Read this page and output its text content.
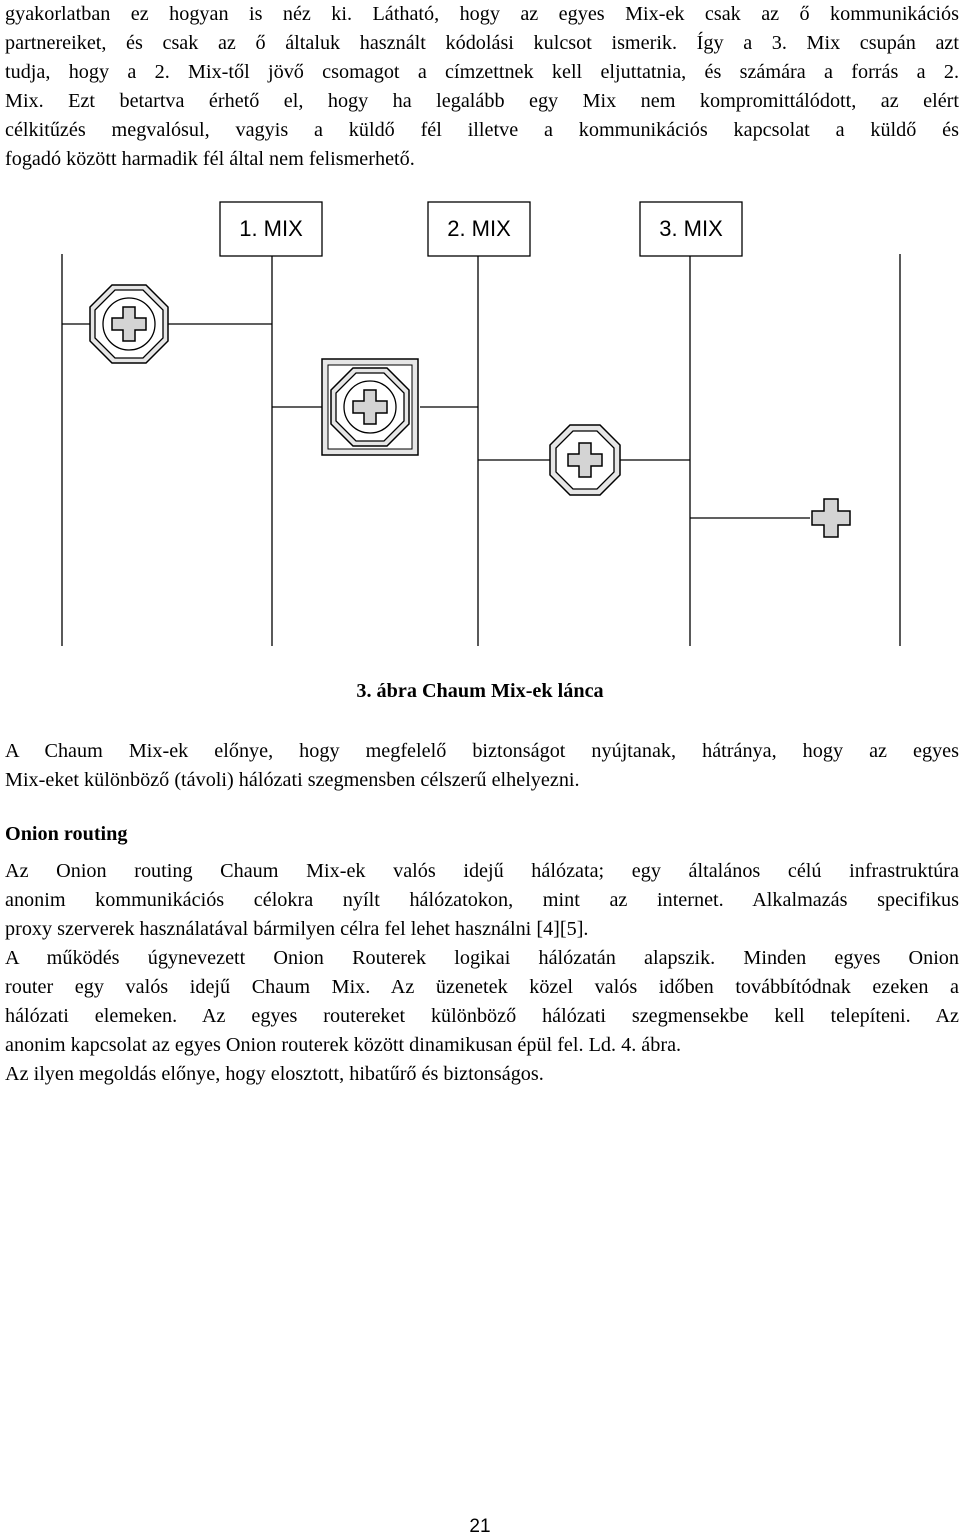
gyakorlatban ez hogyan is néz ki. Látható, hogy az egyes Mix-ek csak az ő kommunikációs

partnereiket, és csak az ő általuk használt kódolási kulcsot ismerik. Így a 3. Mix csupán azt

tudja, hogy a 2. Mix-től jövő csomagot a címzettnek kell eljuttatnia, és számára a forrás a 2.

Mix. Ezt betartva érhető el, hogy ha legalább egy Mix nem kompromittálódott, az elért

célkitűzés megvalósul, vagyis a küldő fél illetve a kommunikációs kapcsolat a küldő és

fogadó között harmadik fél által nem felismerhető.

1. MIX	2. MIX	3. MIX
3. ábra Chaum Mix-ek lánca

A Chaum Mix-ek előnye, hogy megfelelő biztonságot nyújtanak, hátránya, hogy az egyes

Mix-eket különböző (távoli) hálózati szegmensben célszerű elhelyezni.

Onion routing

Az Onion routing Chaum Mix-ek valós idejű hálózata; egy általános célú infrastruktúra

anonim kommunikációs célokra nyílt hálózatokon, mint az internet. Alkalmazás specifikus

proxy szerverek használatával bármilyen célra fel lehet használni [4][5].

A működés úgynevezett Onion Routerek logikai hálózatán alapszik. Minden egyes Onion

router egy valós idejű Chaum Mix. Az üzenetek közel valós időben továbbítódnak ezeken a

hálózati elemeken. Az egyes routereket különböző hálózati szegmensekbe kell telepíteni. Az

anonim kapcsolat az egyes Onion routerek között dinamikusan épül fel. Ld. 4. ábra.

Az ilyen megoldás előnye, hogy elosztott, hibatűrő és biztonságos.

21
